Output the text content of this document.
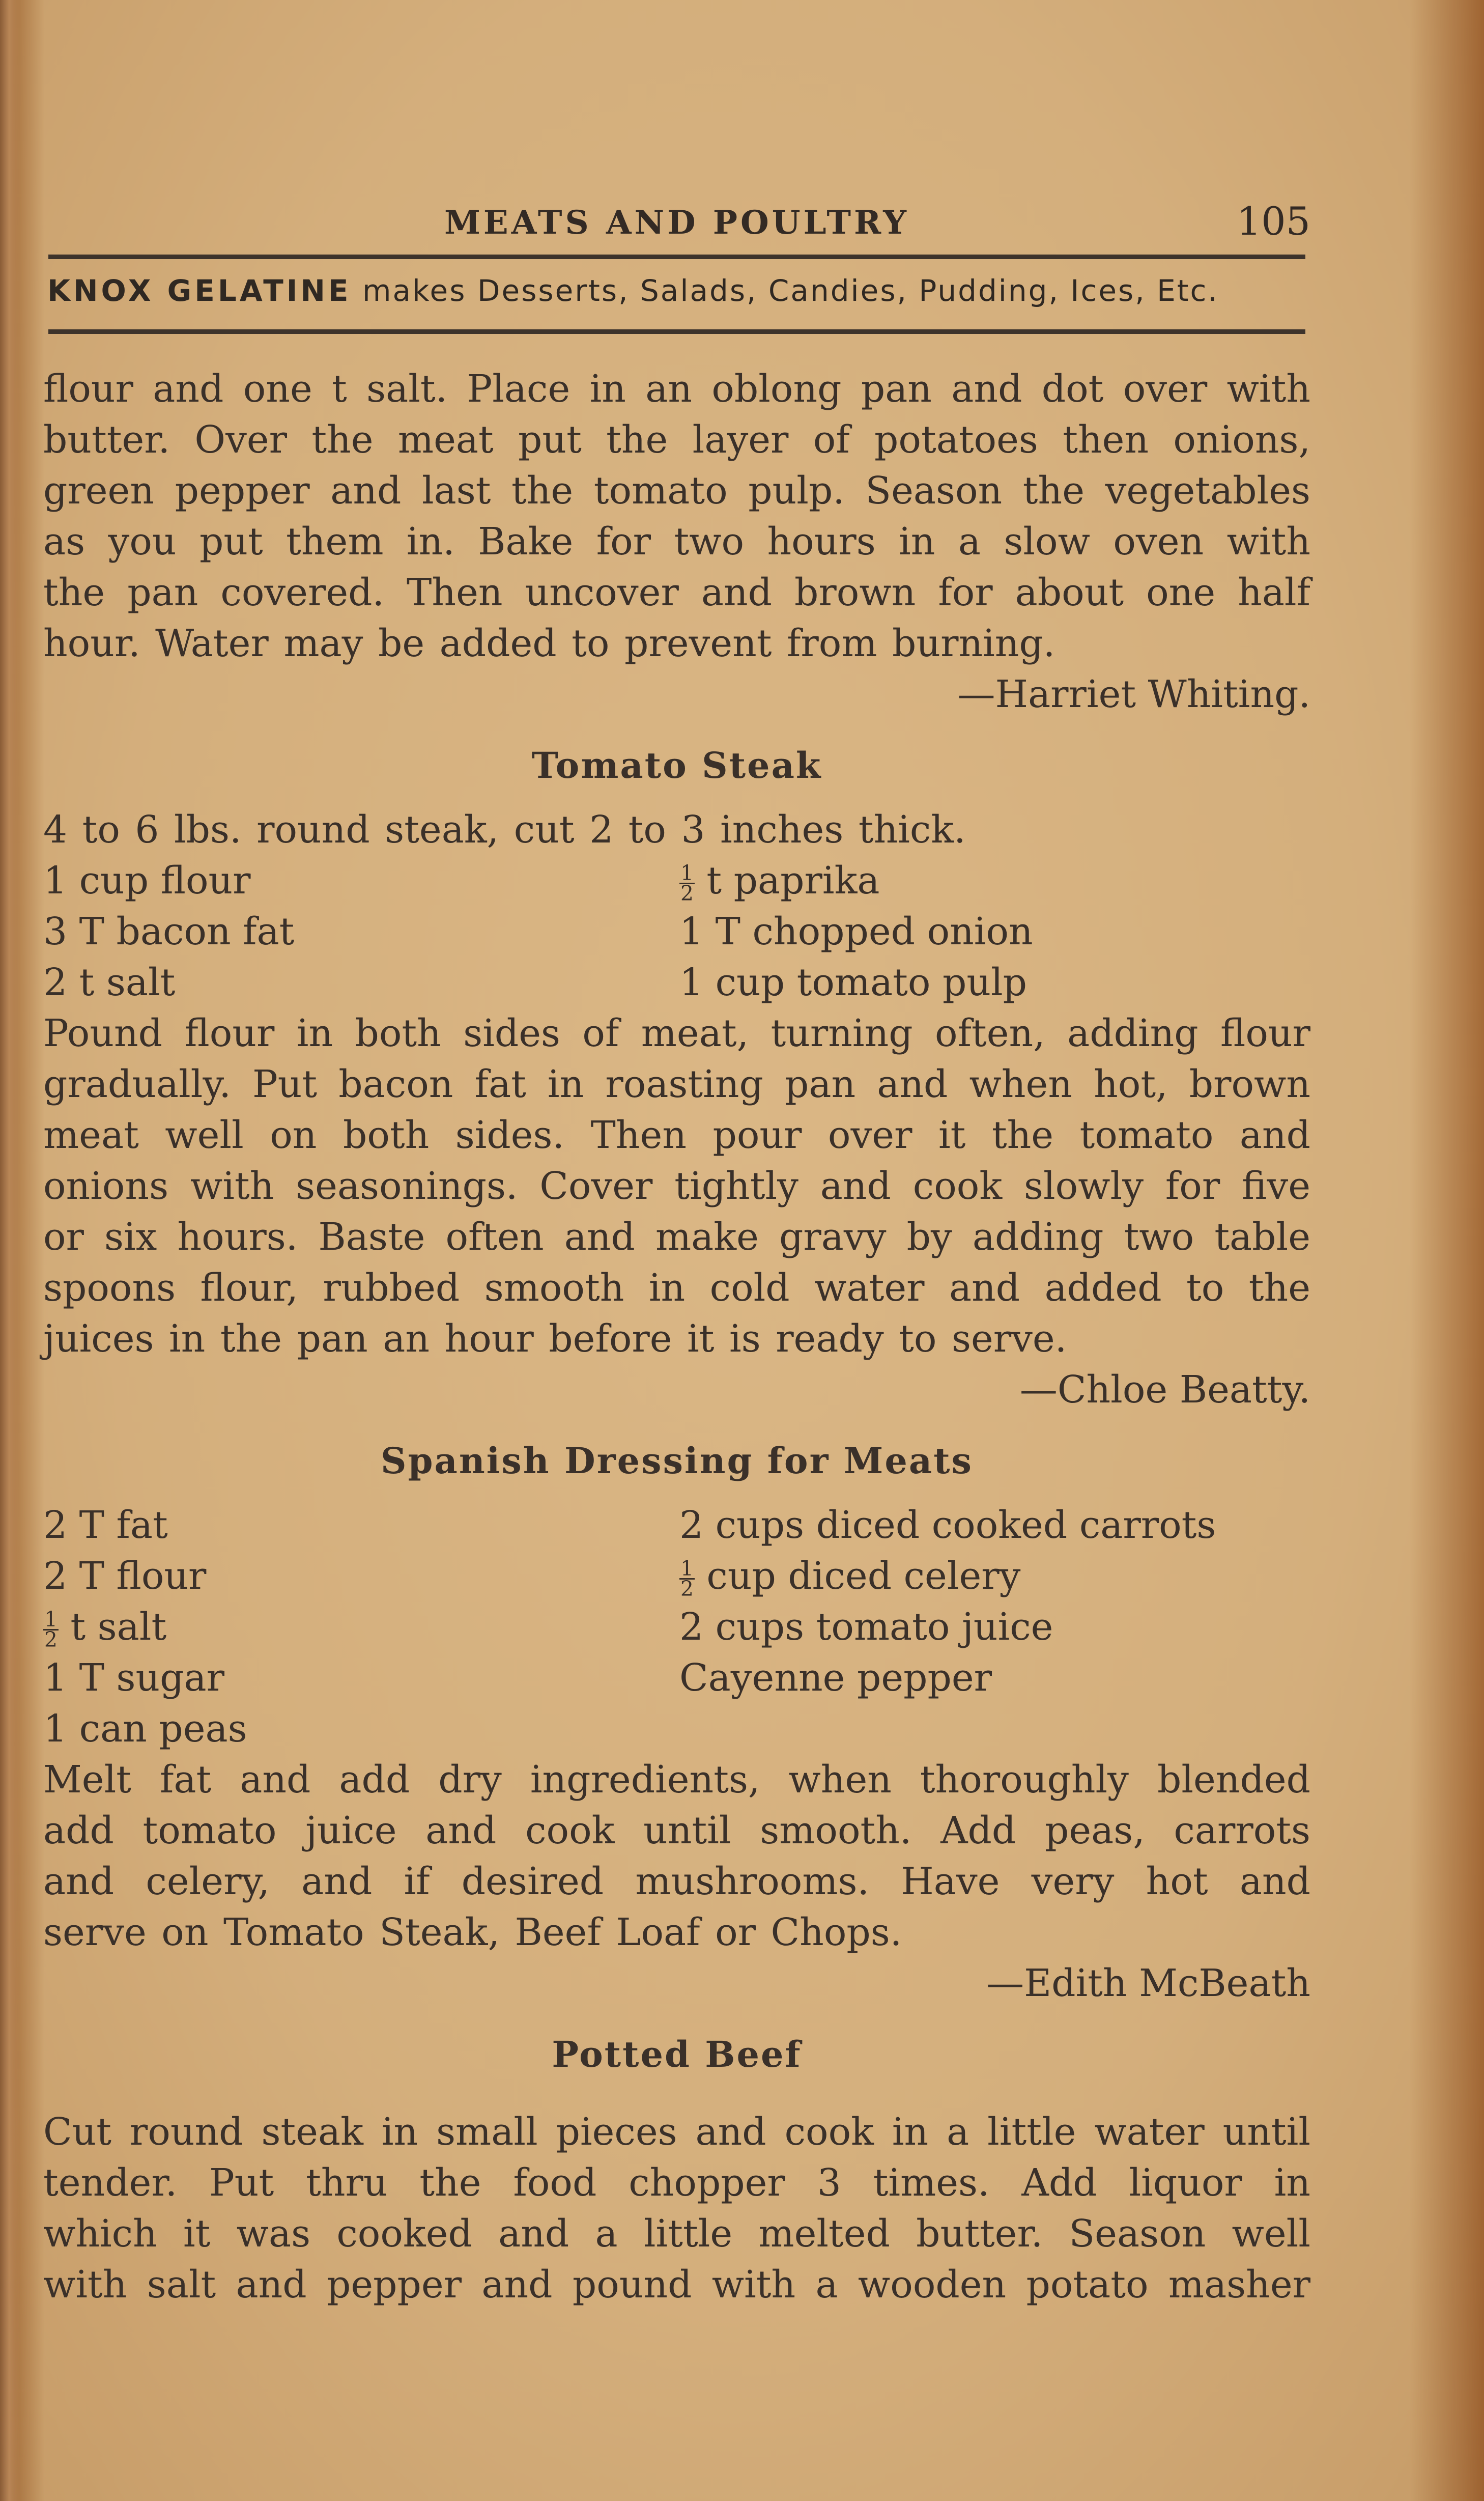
MEATS AND POULTRY	105
KNOX GELATINE makes Desserts, Salads, Candies, Pudding, Ices, Etc.

flour and one t salt. Place in an oblong pan and dot over with

butter. Over the meat put the layer of potatoes then onions,

green pepper and last the tomato pulp. Season the vegetables

as you put them in. Bake for two hours in a slow oven with

the pan covered. Then uncover and brown for about one half

hour. Water may be added to prevent from burning.

—Harriet Whiting.

Tomato Steak

4 to 6 lbs. round steak, cut 2 to 3 inches thick.

1 cup flour	$\frac{1}{2}$ t paprika
3 T bacon fat	1 T chopped onion
2 t salt	1 cup tomato pulp

Pound flour in both sides of meat, turning often, adding flour

gradually. Put bacon fat in roasting pan and when hot, brown

meat well on both sides. Then pour over it the tomato and

onions with seasonings. Cover tightly and cook slowly for five

or six hours. Baste often and make gravy by adding two table

spoons flour, rubbed smooth in cold water and added to the

juices in the pan an hour before it is ready to serve.

—Chloe Beatty.

Spanish Dressing for Meats

2 T fat	2 cups diced cooked carrots
2 T flour	$\frac{1}{2}$ cup diced celery
$\frac{1}{2}$ t salt	2 cups tomato juice
1 T sugar	Cayenne pepper
1 can peas

Melt fat and add dry ingredients, when thoroughly blended

add tomato juice and cook until smooth. Add peas, carrots

and celery, and if desired mushrooms. Have very hot and

serve on Tomato Steak, Beef Loaf or Chops.

—Edith McBeath

Potted Beef

Cut round steak in small pieces and cook in a little water until

tender. Put thru the food chopper 3 times. Add liquor in

which it was cooked and a little melted butter. Season well

with salt and pepper and pound with a wooden potato masher
